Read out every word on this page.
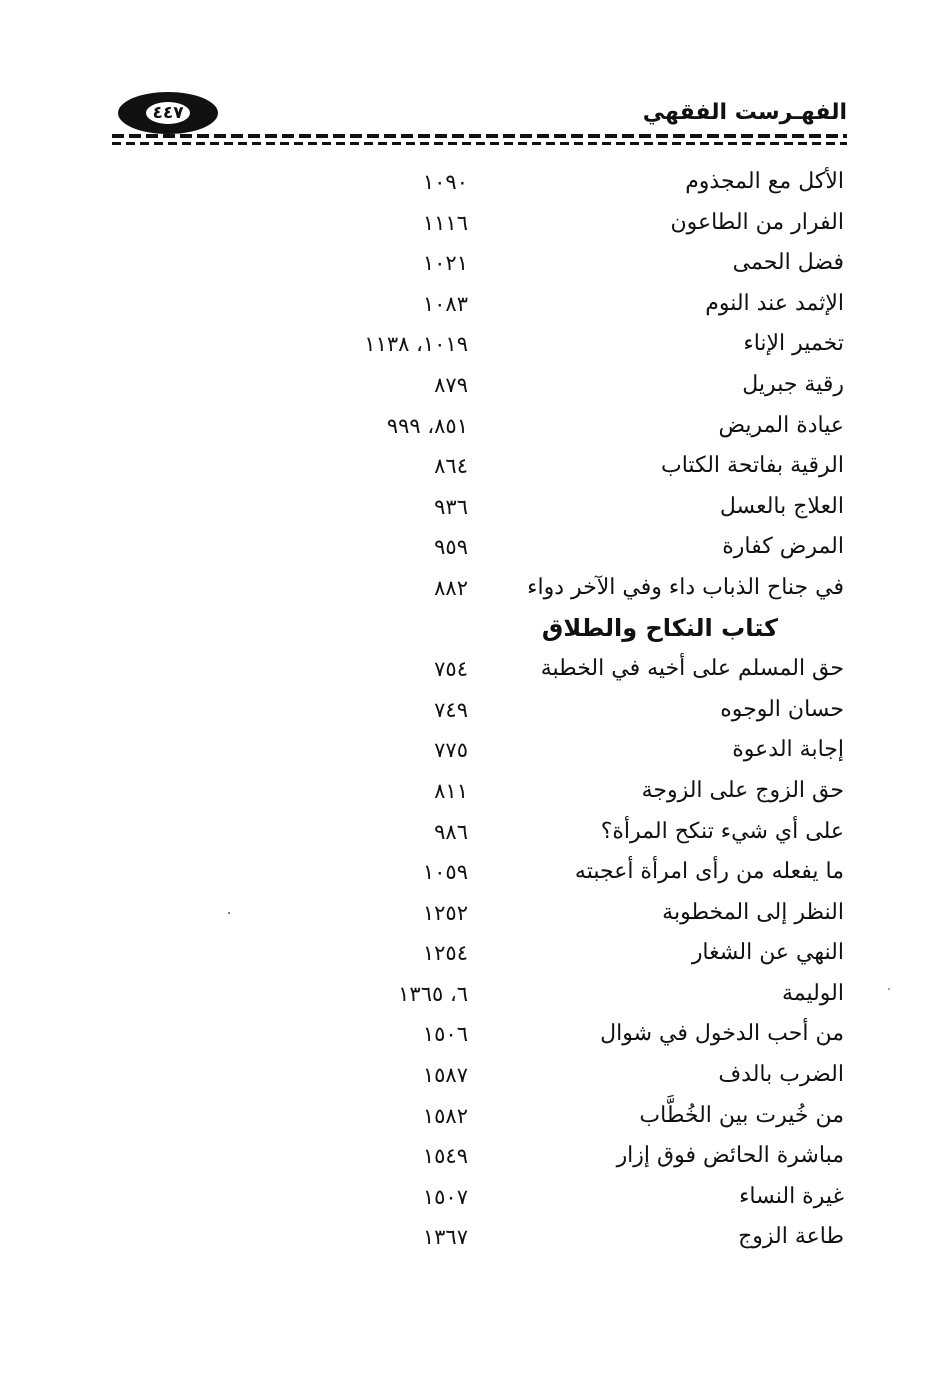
٤٤٧	الفهـرست الفقهي
الأكل مع المجذوم
١٠٩٠
الفرار من الطاعون
١١١٦
فضل الحمى
١٠٢١
الإثمد عند النوم
١٠٨٣
تخمير الإناء
١٠١٩، ١١٣٨
رقية جبريل
٨٧٩
عيادة المريض
٨٥١، ٩٩٩
الرقية بفاتحة الكتاب
٨٦٤
العلاج بالعسل
٩٣٦
المرض كفارة
٩٥٩
في جناح الذباب داء وفي الآخر دواء
٨٨٢
كتاب النكاح والطلاق
حق المسلم على أخيه في الخطبة
٧٥٤
حسان الوجوه
٧٤٩
إجابة الدعوة
٧٧٥
حق الزوج على الزوجة
٨١١
على أي شيء تنكح المرأة؟
٩٨٦
ما يفعله من رأى امرأة أعجبته
١٠٥٩
النظر إلى المخطوبة
١٢٥٢
النهي عن الشغار
١٢٥٤
الوليمة
٦، ١٣٦٥
من أحب الدخول في شوال
١٥٠٦
الضرب بالدف
١٥٨٧
من خُيرت بين الخُطَّاب
١٥٨٢
مباشرة الحائض فوق إزار
١٥٤٩
غيرة النساء
١٥٠٧
طاعة الزوج
١٣٦٧
